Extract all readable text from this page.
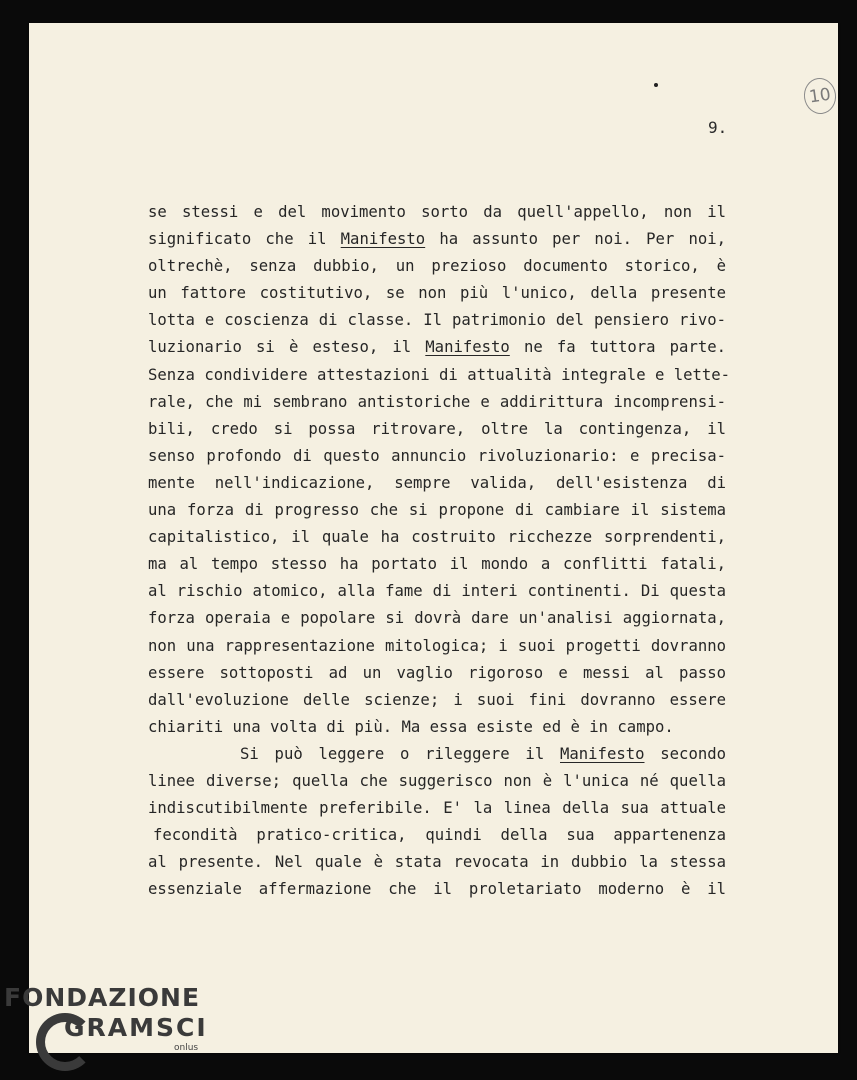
10
9.
se stessi e del movimento sorto da quell'appello, non il
significato che il Manifesto ha assunto per noi. Per noi,
oltrechè, senza dubbio, un prezioso documento storico, è
un fattore costitutivo, se non più l'unico, della presente
lotta e coscienza di classe. Il patrimonio del pensiero rivo-
luzionario si è esteso, il Manifesto ne fa tuttora parte.
Senza condividere attestazioni di attualità integrale e lette-
rale, che mi sembrano antistoriche e addirittura incomprensi-
bili, credo si possa ritrovare, oltre la contingenza, il
senso profondo di questo annuncio rivoluzionario: e precisa-
mente nell'indicazione, sempre valida, dell'esistenza di
una forza di progresso che si propone di cambiare il sistema
capitalistico, il quale ha costruito ricchezze sorprendenti,
ma al tempo stesso ha portato il mondo a conflitti fatali,
al rischio atomico, alla fame di interi continenti. Di questa
forza operaia e popolare si dovrà dare un'analisi aggiornata,
non una rappresentazione mitologica; i suoi progetti dovranno
essere sottoposti ad un vaglio rigoroso e messi al passo
dall'evoluzione delle scienze; i suoi fini dovranno essere
chiariti una volta di più. Ma essa esiste ed è in campo.
Si può leggere o rileggere il Manifesto secondo
linee diverse; quella che suggerisco non è l'unica né quella
indiscutibilmente preferibile. E' la linea della sua attuale
fecondità pratico-critica, quindi della sua appartenenza
al presente. Nel quale è stata revocata in dubbio la stessa
essenziale affermazione che il proletariato moderno è il
FONDAZIONE
GRAMSCI
onlus
